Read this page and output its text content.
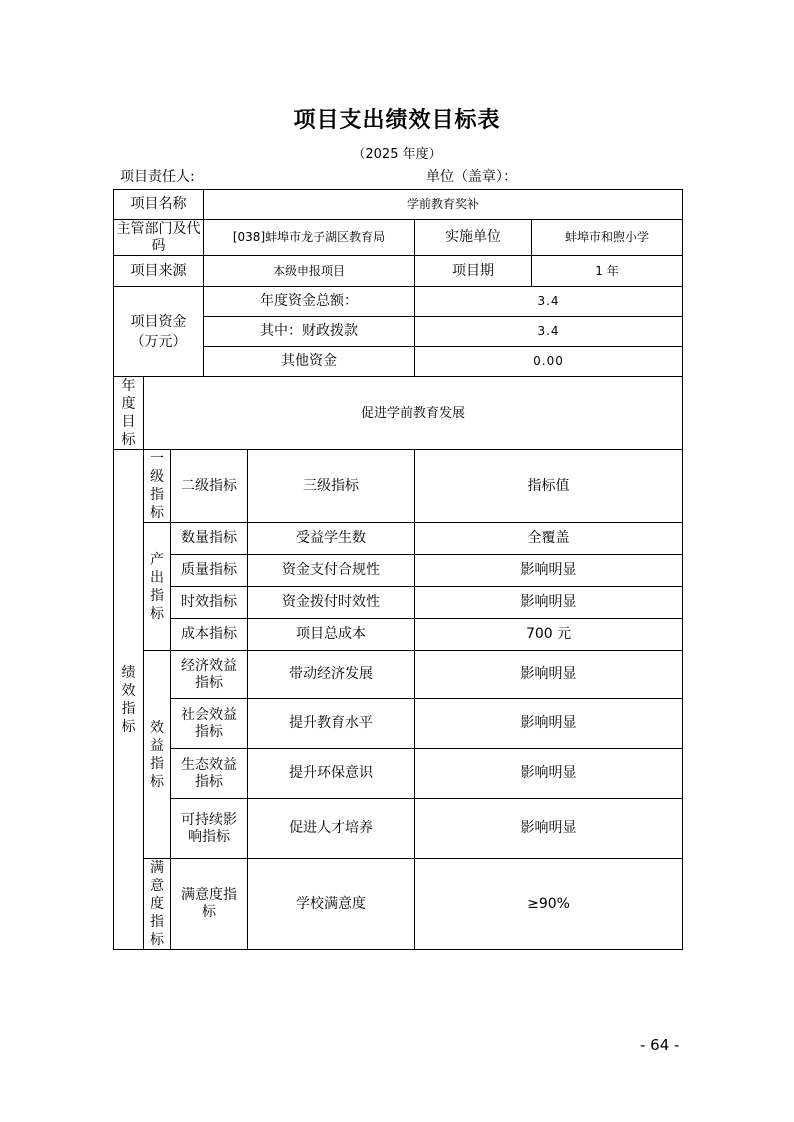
项目支出绩效目标表
（2025 年度）
项目责任人:	单位（盖章）：
项目名称			学前教育奖补			
主管部门及代码			[038]蚌埠市龙子湖区教育局		实施单位	蚌埠市和煦小学
项目来源			本级申报项目		项目期	1 年

项目资金（万元）			年度资金总额：		3.4	
			其中：财政拨款		3.4	
			其他资金		0.00	

年度目标	促进学前教育发展					

绩效指标	一级指标	二级指标		三级指标	指标值	

	产出指标	数量指标		受益学生数	全覆盖	
		质量指标		资金支付合规性	影响明显	
		时效指标		资金拨付时效性	影响明显	
		成本指标		项目总成本	700 元	

	效益指标	经济效益指标		带动经济发展	影响明显	

		社会效益指标		提升教育水平	影响明显	

		生态效益指标		提升环保意识	影响明显	

		可持续影响指标		促进人才培养	影响明显	

	满意度指标	满意度指标		学校满意度	≥90%	
- 64 -
